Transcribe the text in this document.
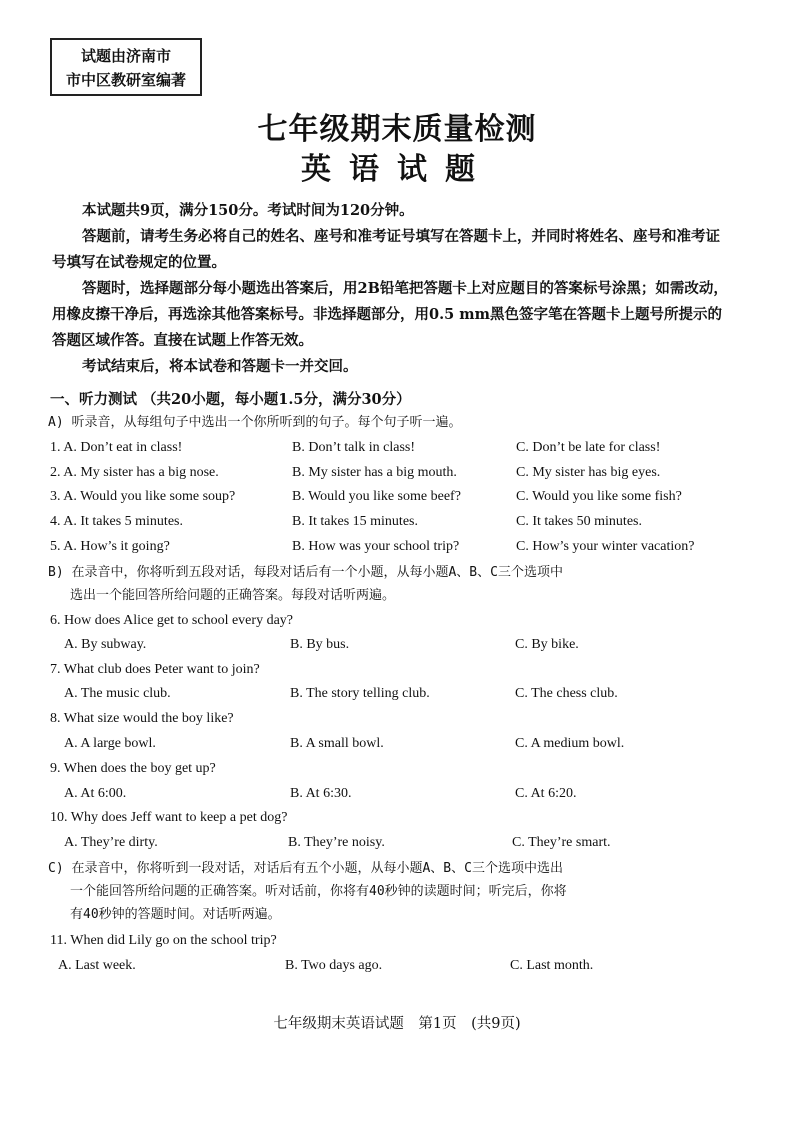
试题由济南市
市中区教研室编著
七年级期末质量检测
英语试题

本试题共9页，满分150分。考试时间为120分钟。

答题前，请考生务必将自己的姓名、座号和准考证号填写在答题卡上，并同时将姓名、座号和准考证号填写在试卷规定的位置。

答题时，选择题部分每小题选出答案后，用2B铅笔把答题卡上对应题目的答案标号涂黑；如需改动，用橡皮擦干净后，再选涂其他答案标号。非选择题部分，用0.5 mm黑色签字笔在答题卡上题号所提示的答题区域作答。直接在试题上作答无效。

考试结束后，将本试卷和答题卡一并交回。

一、听力测试 （共20小题，每小题1.5分，满分30分）
A) 听录音，从每组句子中选出一个你所听到的句子。每个句子听一遍。
1. A. Don’t eat in class!	B. Don’t talk in class!	C. Don’t be late for class!
2. A. My sister has a big nose.	B. My sister has a big mouth.	C. My sister has big eyes.
3. A. Would you like some soup?	B. Would you like some beef?	C. Would you like some fish?
4. A. It takes 5 minutes.	B. It takes 15 minutes.	C. It takes 50 minutes.
5. A. How’s it going?	B. How was your school trip?	C. How’s your winter vacation?
B) 在录音中，你将听到五段对话，每段对话后有一个小题，从每小题A、B、C三个选项中
选出一个能回答所给问题的正确答案。每段对话听两遍。
6. How does Alice get to school every day?
A. By subway.	B. By bus.	C. By bike.
7. What club does Peter want to join?
A. The music club.	B. The story telling club.	C. The chess club.
8. What size would the boy like?
A. A large bowl.	B. A small bowl.	C. A medium bowl.
9. When does the boy get up?
A. At 6:00.	B. At 6:30.	C. At 6:20.
10. Why does Jeff want to keep a pet dog?
A. They’re dirty.	B. They’re noisy.	C. They’re smart.
C) 在录音中，你将听到一段对话，对话后有五个小题，从每小题A、B、C三个选项中选出
一个能回答所给问题的正确答案。听对话前，你将有40秒钟的读题时间；听完后，你将
有40秒钟的答题时间。对话听两遍。
11. When did Lily go on the school trip?
A. Last week.	B. Two days ago.	C. Last month.
七年级期末英语试题　第1页　(共9页)
